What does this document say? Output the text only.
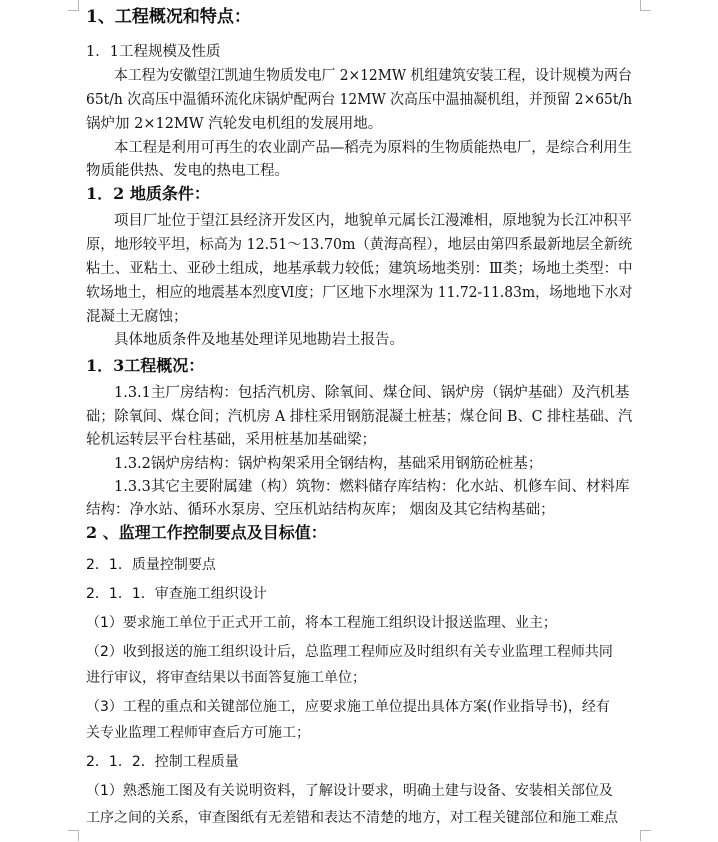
1、工程概况和特点：
1．1工程规模及性质
本工程为安徽望江凯迪生物质发电厂 2×12MW 机组建筑安装工程，设计规模为两台
65t/h 次高压中温循环流化床锅炉配两台 12MW 次高压中温抽凝机组，并预留 2×65t/h
锅炉加 2×12MW 汽轮发电机组的发展用地。
本工程是利用可再生的农业副产品—稻壳为原料的生物质能热电厂，是综合利用生
物质能供热、发电的热电工程。
1．2 地质条件：
项目厂址位于望江县经济开发区内，地貌单元属长江漫滩相，原地貌为长江冲积平
原，地形较平坦，标高为 12.51～13.70m（黄海高程），地层由第四系最新地层全新统
粘土、亚粘土、亚砂土组成，地基承载力较低；建筑场地类别：Ⅲ类；场地土类型：中
软场地土，相应的地震基本烈度Ⅵ度；厂区地下水埋深为 11.72-11.83m，场地地下水对
混凝土无腐蚀；
具体地质条件及地基处理详见地勘岩土报告。
1．3工程概况：
1.3.1主厂房结构：包括汽机房、除氧间、煤仓间、锅炉房（锅炉基础）及汽机基
础；除氧间、煤仓间；汽机房 A 排柱采用钢筋混凝土桩基；煤仓间 B、C 排柱基础、汽
轮机运转层平台柱基础，采用桩基加基础梁；
1.3.2锅炉房结构：锅炉构架采用全钢结构，基础采用钢筋砼桩基；
1.3.3其它主要附属建（构）筑物：燃料储存库结构：化水站、机修车间、材料库
结构：净水站、循环水泵房、空压机站结构灰库； 烟囱及其它结构基础；
2 、监理工作控制要点及目标值：
2．1．质量控制要点
2．1．1．审查施工组织设计
（1）要求施工单位于正式开工前，将本工程施工组织设计报送监理、业主；
（2）收到报送的施工组织设计后，总监理工程师应及时组织有关专业监理工程师共同
进行审议，将审查结果以书面答复施工单位；
（3）工程的重点和关键部位施工，应要求施工单位提出具体方案(作业指导书)，经有
关专业监理工程师审查后方可施工；
2．1．2．控制工程质量
（1）熟悉施工图及有关说明资料，了解设计要求，明确土建与设备、安装相关部位及
工序之间的关系，审查图纸有无差错和表达不清楚的地方，对工程关键部位和施工难点
